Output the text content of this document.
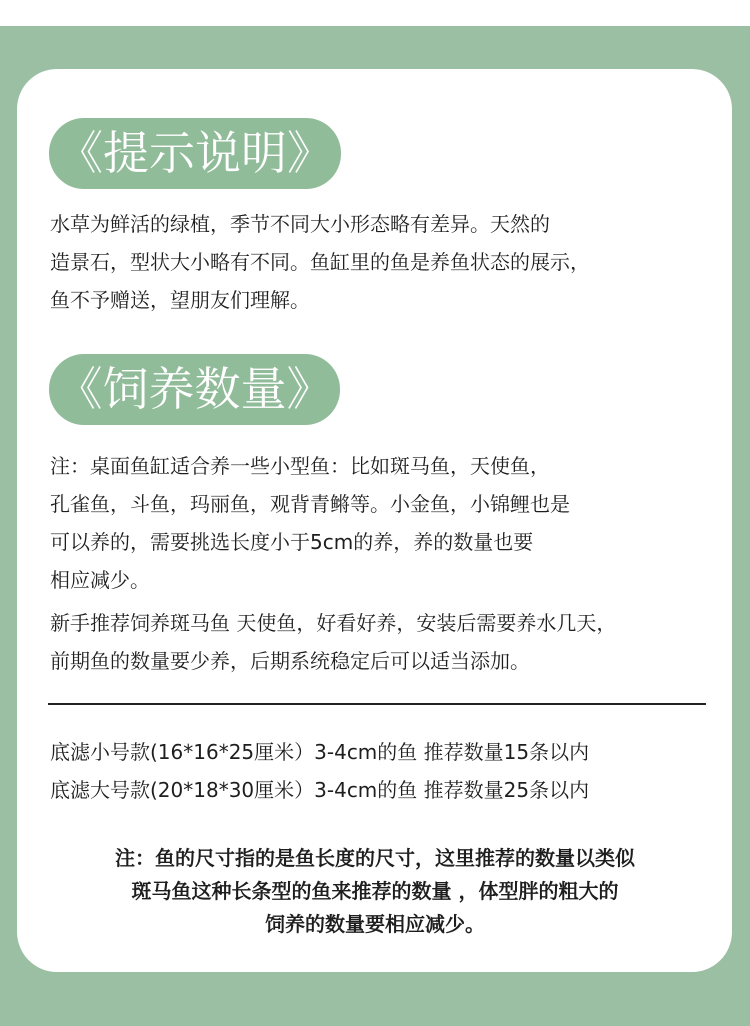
《提示说明》
水草为鲜活的绿植，季节不同大小形态略有差异。天然的
造景石，型状大小略有不同。鱼缸里的鱼是养鱼状态的展示，
鱼不予赠送，望朋友们理解。
《饲养数量》
注：桌面鱼缸适合养一些小型鱼：比如斑马鱼，天使鱼，
孔雀鱼，斗鱼，玛丽鱼，观背青鳉等。小金鱼，小锦鲤也是
可以养的，需要挑选长度小于5cm的养，养的数量也要
相应减少。
新手推荐饲养斑马鱼 天使鱼，好看好养，安装后需要养水几天，
前期鱼的数量要少养，后期系统稳定后可以适当添加。
底滤小号款(16*16*25厘米）3-4cm的鱼 推荐数量15条以内
底滤大号款(20*18*30厘米）3-4cm的鱼 推荐数量25条以内
注：鱼的尺寸指的是鱼长度的尺寸，这里推荐的数量以类似
斑马鱼这种长条型的鱼来推荐的数量 ，体型胖的粗大的
饲养的数量要相应减少。
